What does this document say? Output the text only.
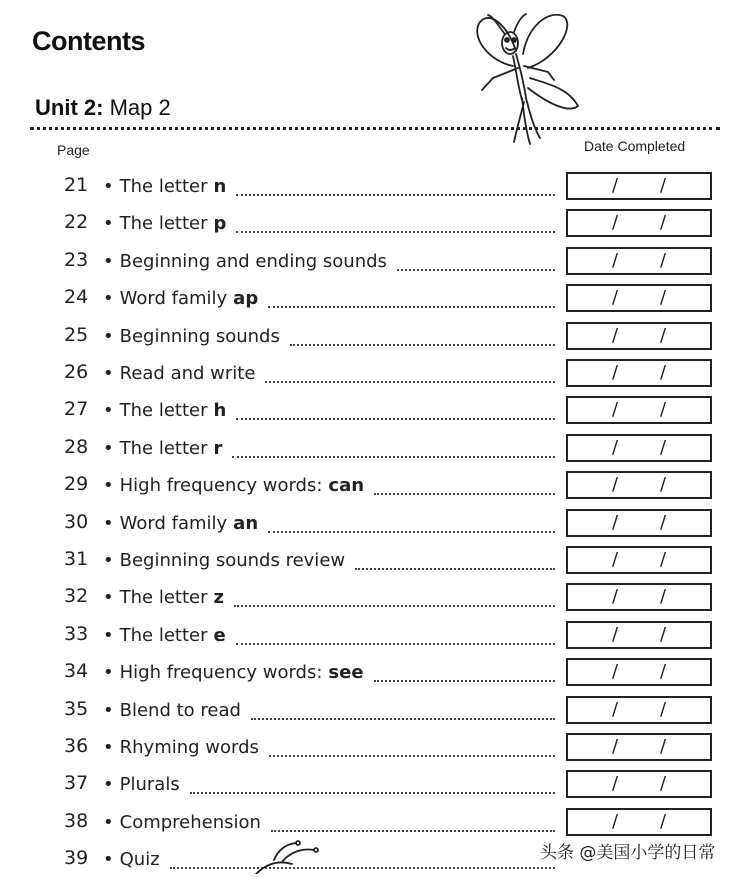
Contents
Unit 2: Map 2
Page	Date Completed
21 • The letter n	/ /
22 • The letter p	/ /
23 • Beginning and ending sounds	/ /
24 • Word family ap	/ /
25 • Beginning sounds	/ /
26 • Read and write	/ /
27 • The letter h	/ /
28 • The letter r	/ /
29 • High frequency words: can	/ /
30 • Word family an	/ /
31 • Beginning sounds review	/ /
32 • The letter z	/ /
33 • The letter e	/ /
34 • High frequency words: see	/ /
35 • Blend to read	/ /
36 • Rhyming words	/ /
37 • Plurals	/ /
38 • Comprehension	/ /
39 • Quiz	头条 @美国小学的日常
